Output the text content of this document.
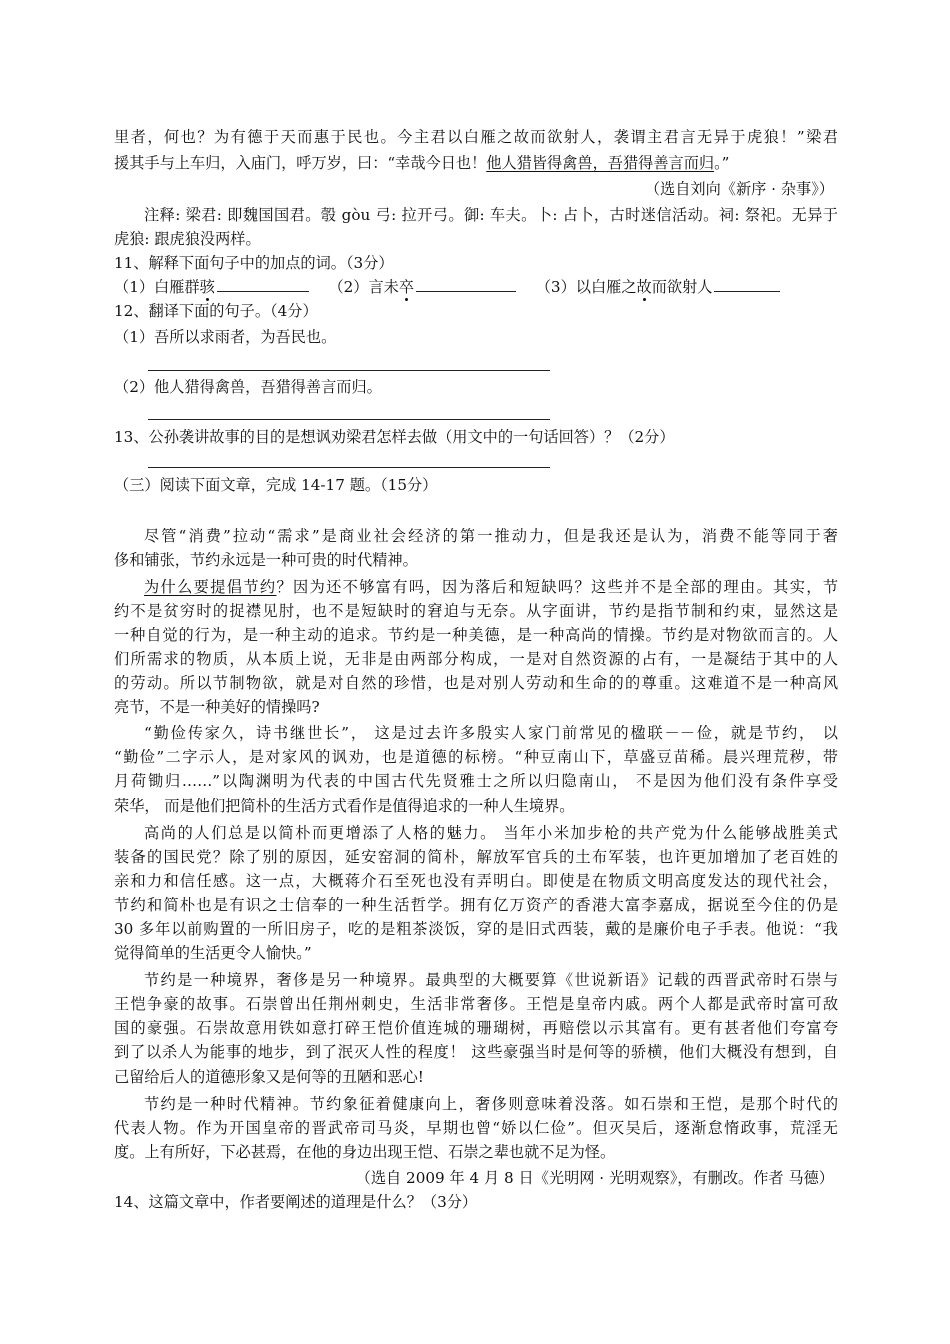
里者，何也？为有德于天而惠于民也。今主君以白雁之故而欲射人，袭谓主君言无异于虎狼！”梁君
援其手与上车归，入庙门，呼万岁，曰：“幸哉今日也！他人猎皆得禽兽，吾猎得善言而归。”
（选自刘向《新序 · 杂事》）
注释: 梁君: 即魏国国君。彀 gòu 弓: 拉开弓。御: 车夫。卜: 占卜，古时迷信活动。祠: 祭祀。无异于
虎狼: 跟虎狼没两样。
11、解释下面句子中的加点的词。（3分）
（1）白雁群骇	（2）言未卒	（3）以白雁之故而欲射人
12、翻译下面的句子。（4分）
（1）吾所以求雨者，为吾民也。
（2）他人猎得禽兽，吾猎得善言而归。
13、公孙袭讲故事的目的是想讽劝梁君怎样去做（用文中的一句话回答）？（2分）
（三）阅读下面文章，完成 14-17 题。（15分）
尽管“消费”拉动“需求”是商业社会经济的第一推动力，但是我还是认为，消费不能等同于奢
侈和铺张，节约永远是一种可贵的时代精神。
为什么要提倡节约？因为还不够富有吗，因为落后和短缺吗？这些并不是全部的理由。其实，节
约不是贫穷时的捉襟见肘，也不是短缺时的窘迫与无奈。从字面讲，节约是指节制和约束，显然这是
一种自觉的行为，是一种主动的追求。节约是一种美德，是一种高尚的情操。节约是对物欲而言的。人
们所需求的物质，从本质上说，无非是由两部分构成，一是对自然资源的占有，一是凝结于其中的人
的劳动。所以节制物欲，就是对自然的珍惜，也是对别人劳动和生命的的尊重。这难道不是一种高风
亮节，不是一种美好的情操吗?
“勤俭传家久，诗书继世长”， 这是过去许多殷实人家门前常见的楹联－－俭，就是节约， 以
“勤俭”二字示人，是对家风的讽劝，也是道德的标榜。“种豆南山下，草盛豆苗稀。晨兴理荒秽，带
月荷锄归……”以陶渊明为代表的中国古代先贤雅士之所以归隐南山， 不是因为他们没有条件享受
荣华， 而是他们把简朴的生活方式看作是值得追求的一种人生境界。
高尚的人们总是以简朴而更增添了人格的魅力。 当年小米加步枪的共产党为什么能够战胜美式
装备的国民党？除了别的原因，延安窑洞的简朴，解放军官兵的土布军装，也许更加增加了老百姓的
亲和力和信任感。这一点，大概蒋介石至死也没有弄明白。即使是在物质文明高度发达的现代社会，
节约和简朴也是有识之士信奉的一种生活哲学。拥有亿万资产的香港大富李嘉成，据说至今住的仍是
30 多年以前购置的一所旧房子，吃的是粗茶淡饭，穿的是旧式西装，戴的是廉价电子手表。他说：“我
觉得简单的生活更令人愉快。”
节约是一种境界，奢侈是另一种境界。最典型的大概要算《世说新语》记载的西晋武帝时石崇与
王恺争豪的故事。石崇曾出任荆州刺史，生活非常奢侈。王恺是皇帝内戚。两个人都是武帝时富可敌
国的豪强。石崇故意用铁如意打碎王恺价值连城的珊瑚树，再赔偿以示其富有。更有甚者他们夸富夸
到了以杀人为能事的地步，到了泯灭人性的程度！ 这些豪强当时是何等的骄横，他们大概没有想到，自
己留给后人的道德形象又是何等的丑陋和恶心!
节约是一种时代精神。节约象征着健康向上，奢侈则意味着没落。如石崇和王恺，是那个时代的
代表人物。作为开国皇帝的晋武帝司马炎，早期也曾“娇以仁俭”。但灭吴后，逐渐怠惰政事，荒淫无
度。上有所好，下必甚焉，在他的身边出现王恺、石崇之辈也就不足为怪。
（选自 2009 年 4 月 8 日《光明网 · 光明观察》，有删改。作者 马德）
14、这篇文章中，作者要阐述的道理是什么？（3分）
